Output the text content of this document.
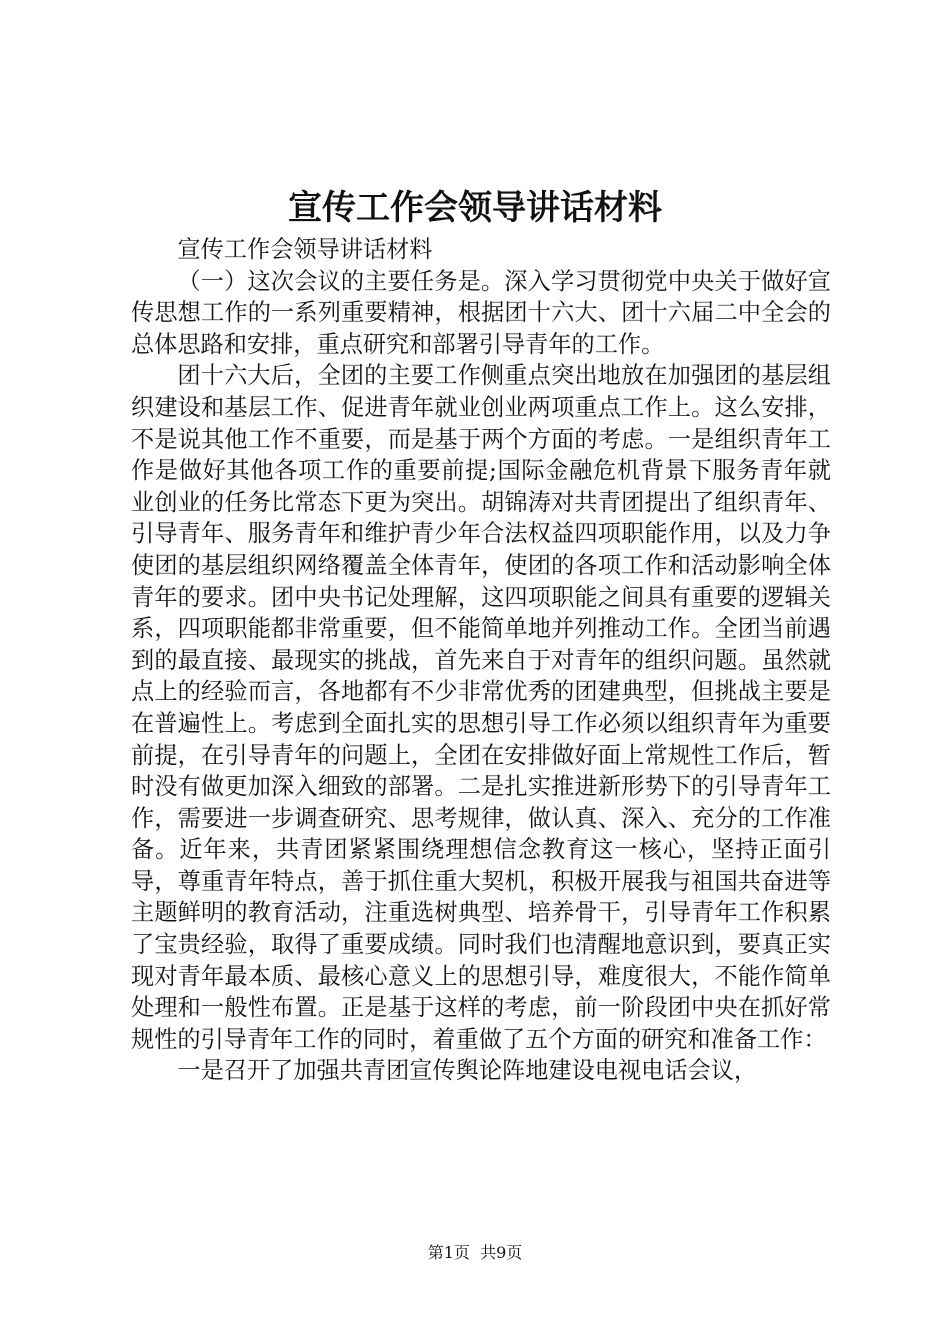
宣传工作会领导讲话材料

宣传工作会领导讲话材料

（一）这次会议的主要任务是。深入学习贯彻党中央关于做好宣传思想工作的一系列重要精神，根据团十六大、团十六届二中全会的总体思路和安排，重点研究和部署引导青年的工作。

团十六大后，全团的主要工作侧重点突出地放在加强团的基层组织建设和基层工作、促进青年就业创业两项重点工作上。这么安排，不是说其他工作不重要，而是基于两个方面的考虑。一是组织青年工作是做好其他各项工作的重要前提;国际金融危机背景下服务青年就业创业的任务比常态下更为突出。胡锦涛对共青团提出了组织青年、引导青年、服务青年和维护青少年合法权益四项职能作用，以及力争使团的基层组织网络覆盖全体青年，使团的各项工作和活动影响全体青年的要求。团中央书记处理解，这四项职能之间具有重要的逻辑关系，四项职能都非常重要，但不能简单地并列推动工作。全团当前遇到的最直接、最现实的挑战，首先来自于对青年的组织问题。虽然就点上的经验而言，各地都有不少非常优秀的团建典型，但挑战主要是在普遍性上。考虑到全面扎实的思想引导工作必须以组织青年为重要前提，在引导青年的问题上，全团在安排做好面上常规性工作后，暂时没有做更加深入细致的部署。二是扎实推进新形势下的引导青年工作，需要进一步调查研究、思考规律，做认真、深入、充分的工作准备。近年来，共青团紧紧围绕理想信念教育这一核心，坚持正面引导，尊重青年特点，善于抓住重大契机，积极开展我与祖国共奋进等主题鲜明的教育活动，注重选树典型、培养骨干，引导青年工作积累了宝贵经验，取得了重要成绩。同时我们也清醒地意识到，要真正实现对青年最本质、最核心意义上的思想引导，难度很大，不能作简单处理和一般性布置。正是基于这样的考虑，前一阶段团中央在抓好常规性的引导青年工作的同时，着重做了五个方面的研究和准备工作：

一是召开了加强共青团宣传舆论阵地建设电视电话会议，

第1页  共9页
